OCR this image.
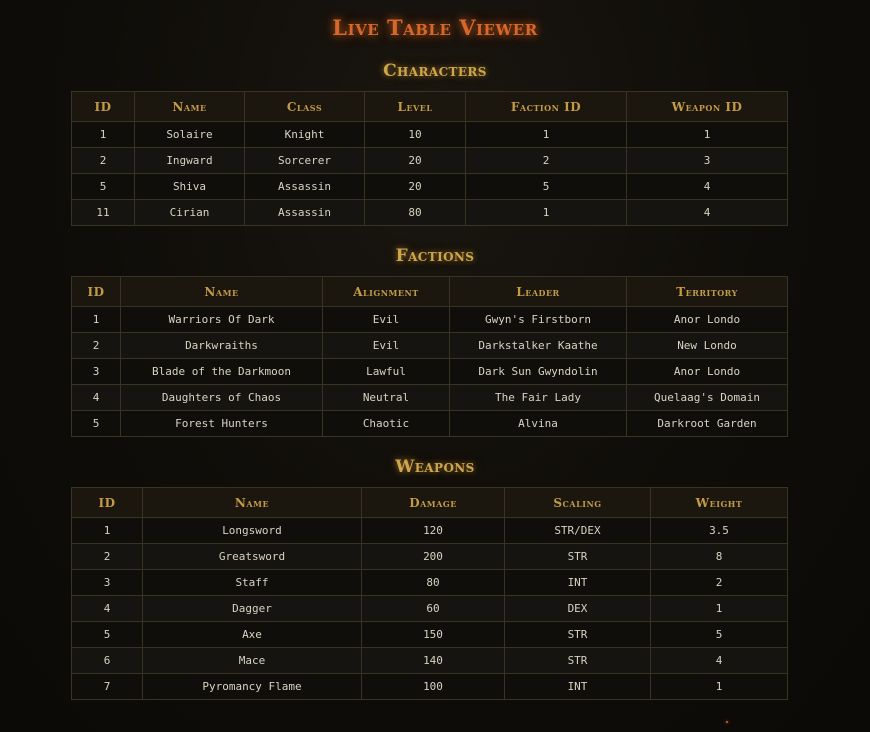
Live Table Viewer
Characters
ID	Name	Class	Level	Faction ID	Weapon ID
1	Solaire	Knight	10	1	1
2	Ingward	Sorcerer	20	2	3
5	Shiva	Assassin	20	5	4
11	Cirian	Assassin	80	1	4
Factions
ID	Name	Alignment	Leader	Territory
1	Warriors Of Dark	Evil	Gwyn's Firstborn	Anor Londo
2	Darkwraiths	Evil	Darkstalker Kaathe	New Londo
3	Blade of the Darkmoon	Lawful	Dark Sun Gwyndolin	Anor Londo
4	Daughters of Chaos	Neutral	The Fair Lady	Quelaag's Domain
5	Forest Hunters	Chaotic	Alvina	Darkroot Garden
Weapons
ID	Name	Damage	Scaling	Weight
1	Longsword	120	STR/DEX	3.5
2	Greatsword	200	STR	8
3	Staff	80	INT	2
4	Dagger	60	DEX	1
5	Axe	150	STR	5
6	Mace	140	STR	4
7	Pyromancy Flame	100	INT	1
